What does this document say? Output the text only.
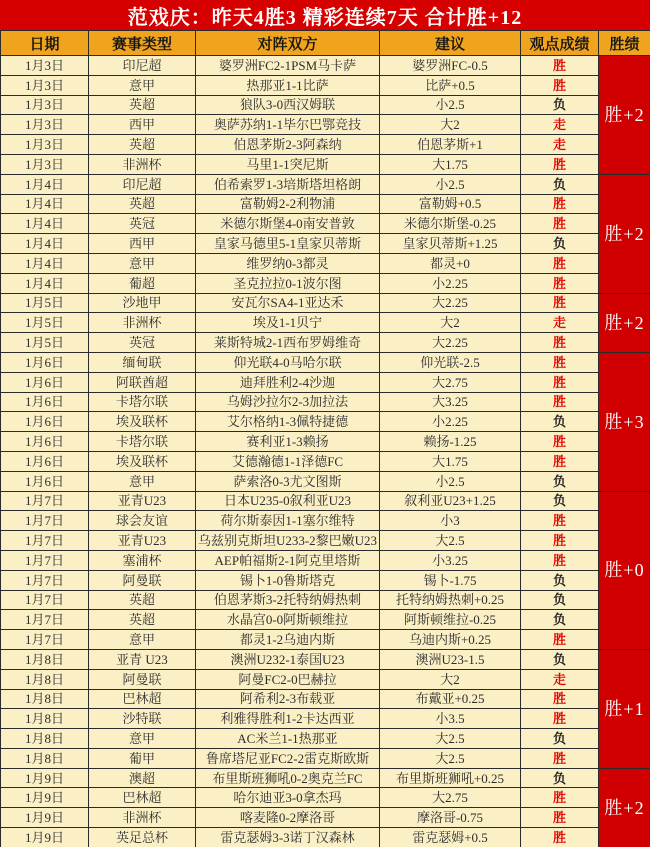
范戏庆：昨天4胜3 精彩连续7天 合计胜+12
日期	赛事类型	对阵双方	建议	观点成绩	胜绩
1月3日	印尼超	婆罗洲FC2-1PSM马卡萨	婆罗洲FC-0.5	胜	胜+2
1月3日	意甲	热那亚1-1比萨	比萨+0.5	胜	
1月3日	英超	狼队3-0西汉姆联	小2.5	负	
1月3日	西甲	奥萨苏纳1-1毕尔巴鄂竞技	大2	走	
1月3日	英超	伯恩茅斯2-3阿森纳	伯恩茅斯+1	走	
1月3日	非洲杯	马里1-1突尼斯	大1.75	胜	
1月4日	印尼超	伯希索罗1-3培斯塔坦格朗	小2.5	负	胜+2
1月4日	英超	富勒姆2-2利物浦	富勒姆+0.5	胜	
1月4日	英冠	米德尔斯堡4-0南安普敦	米德尔斯堡-0.25	胜	
1月4日	西甲	皇家马德里5-1皇家贝蒂斯	皇家贝蒂斯+1.25	负	
1月4日	意甲	维罗纳0-3都灵	都灵+0	胜	
1月4日	葡超	圣克拉拉0-1波尔图	小2.25	胜	
1月5日	沙地甲	安瓦尔SA4-1亚达禾	大2.25	胜	胜+2
1月5日	非洲杯	埃及1-1贝宁	大2	走	
1月5日	英冠	莱斯特城2-1西布罗姆维奇	大2.25	胜	
1月6日	缅甸联	仰光联4-0马哈尔联	仰光联-2.5	胜	胜+3
1月6日	阿联酋超	迪拜胜利2-4沙迦	大2.75	胜	
1月6日	卡塔尔联	乌姆沙拉尔2-3加拉法	大3.25	胜	
1月6日	埃及联杯	艾尔格纳1-3佩特捷德	小2.25	负	
1月6日	卡塔尔联	赛利亚1-3赖扬	赖扬-1.25	胜	
1月6日	埃及联杯	艾德瀚德1-1泽德FC	大1.75	胜	
1月6日	意甲	萨索洛0-3尤文图斯	小2.5	负	
1月7日	亚青U23	日本U235-0叙利亚U23	叙利亚U23+1.25	负	胜+0
1月7日	球会友谊	荷尔斯泰因1-1塞尔维特	小3	胜	
1月7日	亚青U23	乌兹别克斯坦U233-2黎巴嫩U23	大2.5	胜	
1月7日	塞浦杯	AEP帕福斯2-1阿克里塔斯	小3.25	胜	
1月7日	阿曼联	锡卜1-0鲁斯塔克	锡卜-1.75	负	
1月7日	英超	伯恩茅斯3-2托特纳姆热刺	托特纳姆热刺+0.25	负	
1月7日	英超	水晶宫0-0阿斯顿维拉	阿斯顿维拉-0.25	负	
1月7日	意甲	都灵1-2乌迪内斯	乌迪内斯+0.25	胜	
1月8日	亚青 U23	澳洲U232-1泰国U23	澳洲U23-1.5	负	胜+1
1月8日	阿曼联	阿曼FC2-0巴赫拉	大2	走	
1月8日	巴林超	阿希利2-3布载亚	布戴亚+0.25	胜	
1月8日	沙特联	利雅得胜利1-2卡达西亚	小3.5	胜	
1月8日	意甲	AC米兰1-1热那亚	大2.5	负	
1月8日	葡甲	鲁席塔尼亚FC2-2雷克斯欧斯	大2.5	胜	
1月9日	澳超	布里斯班狮吼0-2奥克兰FC	布里斯班狮吼+0.25	负	胜+2
1月9日	巴林超	哈尔迪亚3-0拿杰玛	大2.75	胜	
1月9日	非洲杯	喀麦隆0-2摩洛哥	摩洛哥-0.75	胜	
1月9日	英足总杯	雷克瑟姆3-3诺丁汉森林	雷克瑟姆+0.5	胜	
